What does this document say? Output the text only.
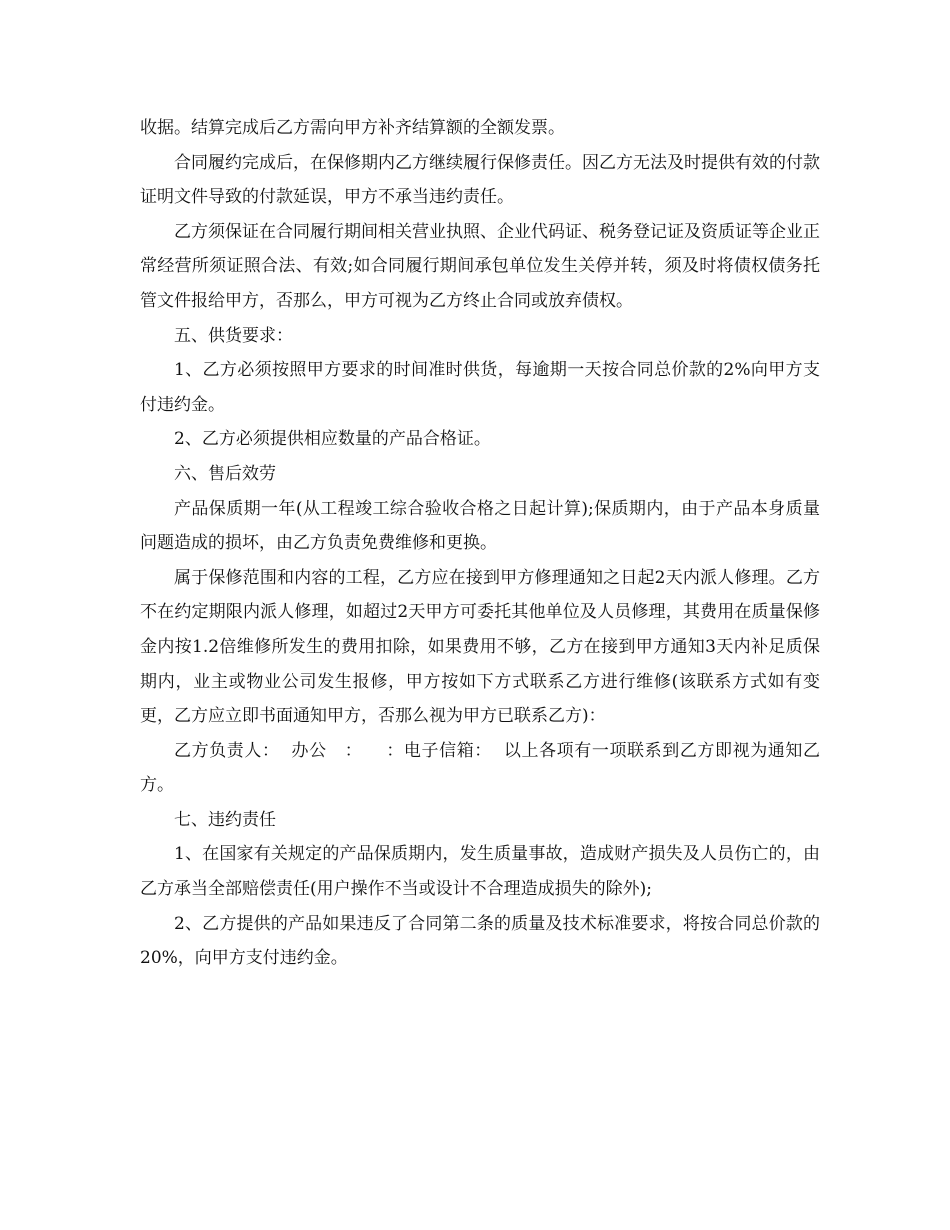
收据。结算完成后乙方需向甲方补齐结算额的全额发票。

合同履约完成后，在保修期内乙方继续履行保修责任。因乙方无法及时提供有效的付款证明文件导致的付款延误，甲方不承当违约责任。

乙方须保证在合同履行期间相关营业执照、企业代码证、税务登记证及资质证等企业正常经营所须证照合法、有效;如合同履行期间承包单位发生关停并转，须及时将债权债务托管文件报给甲方，否那么，甲方可视为乙方终止合同或放弃债权。

五、供货要求：

1、乙方必须按照甲方要求的时间准时供货，每逾期一天按合同总价款的2%向甲方支付违约金。

2、乙方必须提供相应数量的产品合格证。

六、售后效劳

产品保质期一年(从工程竣工综合验收合格之日起计算);保质期内，由于产品本身质量问题造成的损坏，由乙方负责免费维修和更换。

属于保修范围和内容的工程，乙方应在接到甲方修理通知之日起2天内派人修理。乙方不在约定期限内派人修理，如超过2天甲方可委托其他单位及人员修理，其费用在质量保修金内按1.2倍维修所发生的费用扣除，如果费用不够，乙方在接到甲方通知3天内补足质保期内，业主或物业公司发生报修，甲方按如下方式联系乙方进行维修(该联系方式如有变更，乙方应立即书面通知甲方，否那么视为甲方已联系乙方)：

乙方负责人：  办公   ：    ：电子信箱：  以上各项有一项联系到乙方即视为通知乙方。

七、违约责任

1、在国家有关规定的产品保质期内，发生质量事故，造成财产损失及人员伤亡的，由乙方承当全部赔偿责任(用户操作不当或设计不合理造成损失的除外);

2、乙方提供的产品如果违反了合同第二条的质量及技术标准要求，将按合同总价款的20%，向甲方支付违约金。
